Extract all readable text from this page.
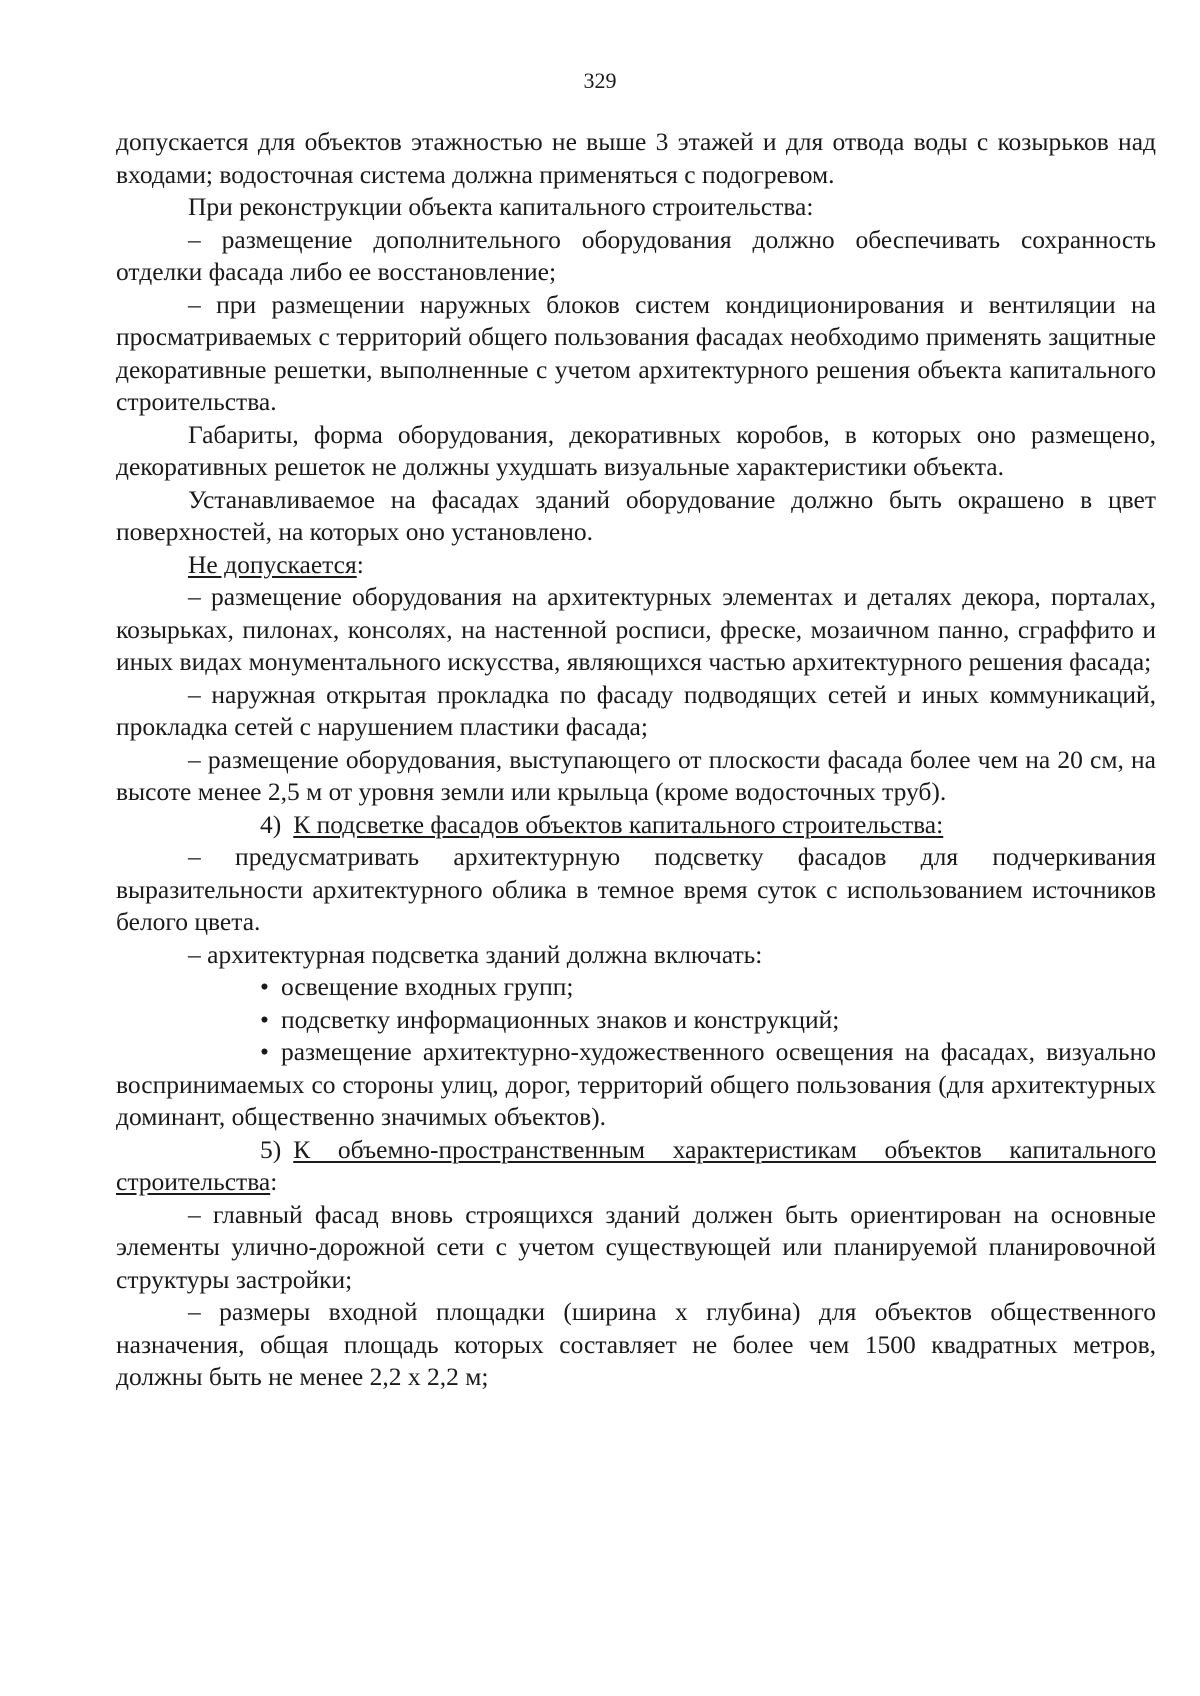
329

допускается для объектов этажностью не выше 3 этажей и для отвода воды с козырьков над входами; водосточная система должна применяться с подогревом.

При реконструкции объекта капитального строительства:

– размещение дополнительного оборудования должно обеспечивать сохранность отделки фасада либо ее восстановление;

– при размещении наружных блоков систем кондиционирования и вентиляции на просматриваемых с территорий общего пользования фасадах необходимо применять защитные декоративные решетки, выполненные с учетом архитектурного решения объекта капитального строительства.

Габариты, форма оборудования, декоративных коробов, в которых оно размещено, декоративных решеток не должны ухудшать визуальные характеристики объекта.

Устанавливаемое на фасадах зданий оборудование должно быть окрашено в цвет поверхностей, на которых оно установлено.

Не допускается:

– размещение оборудования на архитектурных элементах и деталях декора, порталах, козырьках, пилонах, консолях, на настенной росписи, фреске, мозаичном панно, сграффито и иных видах монументального искусства, являющихся частью архитектурного решения фасада;

– наружная открытая прокладка по фасаду подводящих сетей и иных коммуникаций, прокладка сетей с нарушением пластики фасада;

– размещение оборудования, выступающего от плоскости фасада более чем на 20 см, на высоте менее 2,5 м от уровня земли или крыльца (кроме водосточных труб).

4) К подсветке фасадов объектов капитального строительства:

– предусматривать архитектурную подсветку фасадов для подчеркивания выразительности архитектурного облика в темное время суток с использованием источников белого цвета.

– архитектурная подсветка зданий должна включать:

• освещение входных групп;

• подсветку информационных знаков и конструкций;

• размещение архитектурно-художественного освещения на фасадах, визуально воспринимаемых со стороны улиц, дорог, территорий общего пользования (для архитектурных доминант, общественно значимых объектов).

5) К объемно-пространственным характеристикам объектов капитального строительства:

– главный фасад вновь строящихся зданий должен быть ориентирован на основные элементы улично-дорожной сети с учетом существующей или планируемой планировочной структуры застройки;

– размеры входной площадки (ширина х глубина) для объектов общественного назначения, общая площадь которых составляет не более чем 1500 квадратных метров, должны быть не менее 2,2 х 2,2 м;
